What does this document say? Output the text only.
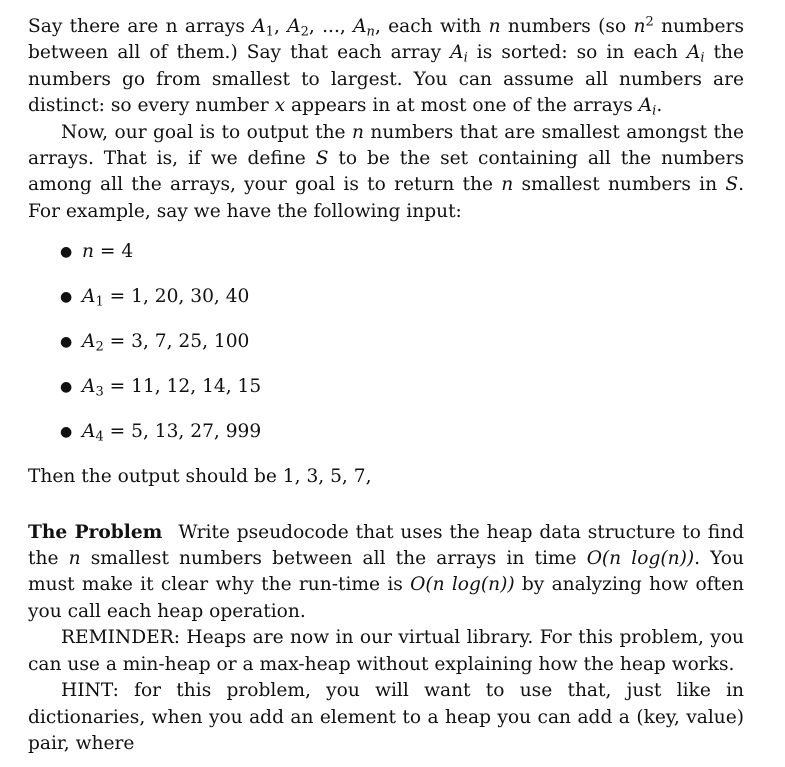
Say there are n arrays $A_1$, $A_2$, ..., $A_n$, each with n numbers (so $n^2$ numbers between all of them.) Say that each array $A_i$ is sorted: so in each $A_i$ the numbers go from smallest to largest. You can assume all numbers are distinct: so every number x appears in at most one of the arrays $A_i$.

Now, our goal is to output the n numbers that are smallest amongst the arrays. That is, if we define S to be the set containing all the numbers among all the arrays, your goal is to return the n smallest numbers in S. For example, say we have the following input:

● n = 4
● $A_1 = 1$, 20, 30, 40
● $A_2 = 3$, 7, 25, 100
● $A_3 = 11$, 12, 14, 15
● $A_4 = 5$, 13, 27, 999

Then the output should be 1, 3, 5, 7,

The Problem Write pseudocode that uses the heap data structure to find the n smallest numbers between all the arrays in time O(n log(n)). You must make it clear why the run-time is O(n log(n)) by analyzing how often you call each heap operation.

REMINDER: Heaps are now in our virtual library. For this problem, you can use a min-heap or a max-heap without explaining how the heap works.

HINT: for this problem, you will want to use that, just like in dictionaries, when you add an element to a heap you can add a (key, value) pair, where
